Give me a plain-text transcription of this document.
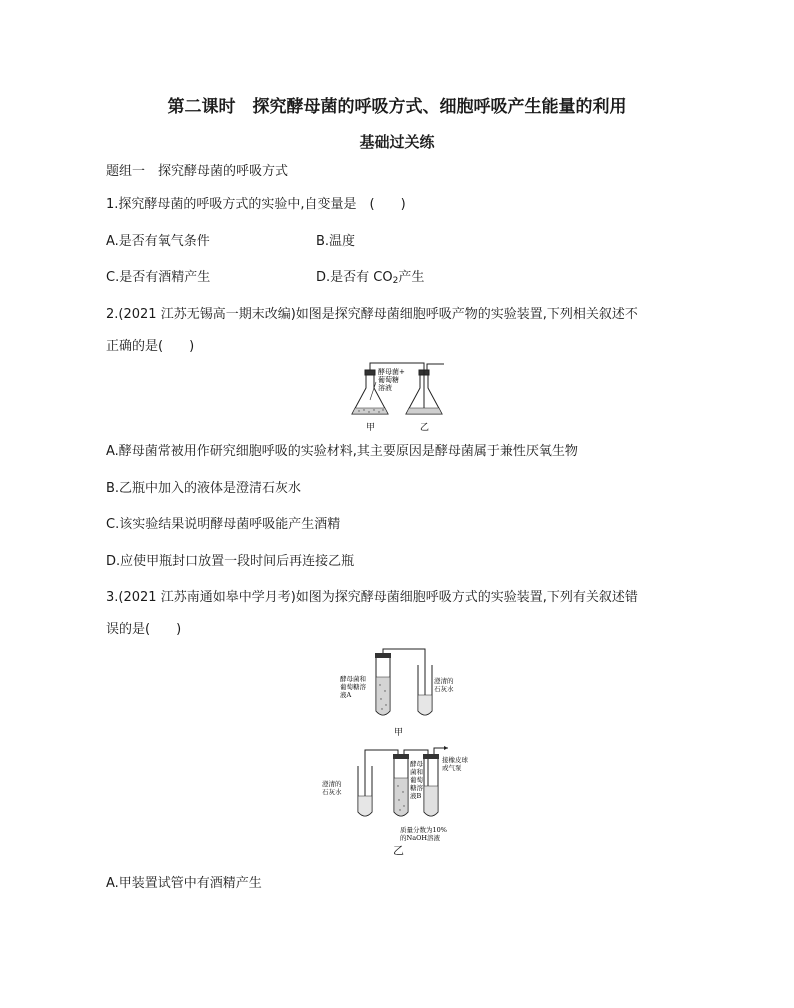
第二课时　探究酵母菌的呼吸方式、细胞呼吸产生能量的利用
基础过关练
题组一　探究酵母菌的呼吸方式
1.探究酵母菌的呼吸方式的实验中,自变量是　(　　)
A.是否有氧气条件	B.温度
C.是否有酒精产生	D.是否有 $CO_2$产生
2.(2021 江苏无锡高一期末改编)如图是探究酵母菌细胞呼吸产物的实验装置,下列相关叙述不
正确的是(　　)
酵母菌+
葡萄糖
溶液
甲	乙
A.酵母菌常被用作研究细胞呼吸的实验材料,其主要原因是酵母菌属于兼性厌氧生物
B.乙瓶中加入的液体是澄清石灰水
C.该实验结果说明酵母菌呼吸能产生酒精
D.应使甲瓶封口放置一段时间后再连接乙瓶
3.(2021 江苏南通如皋中学月考)如图为探究酵母菌细胞呼吸方式的实验装置,下列有关叙述错
误的是(　　)
酵母菌和
葡萄糖溶
液A
澄清的
石灰水
甲
澄清的
石灰水
酵母
菌和
葡萄
糖溶
液B
接橡皮球
或气泵
质量分数为10%
的NaOH溶液
乙
A.甲装置试管中有酒精产生
